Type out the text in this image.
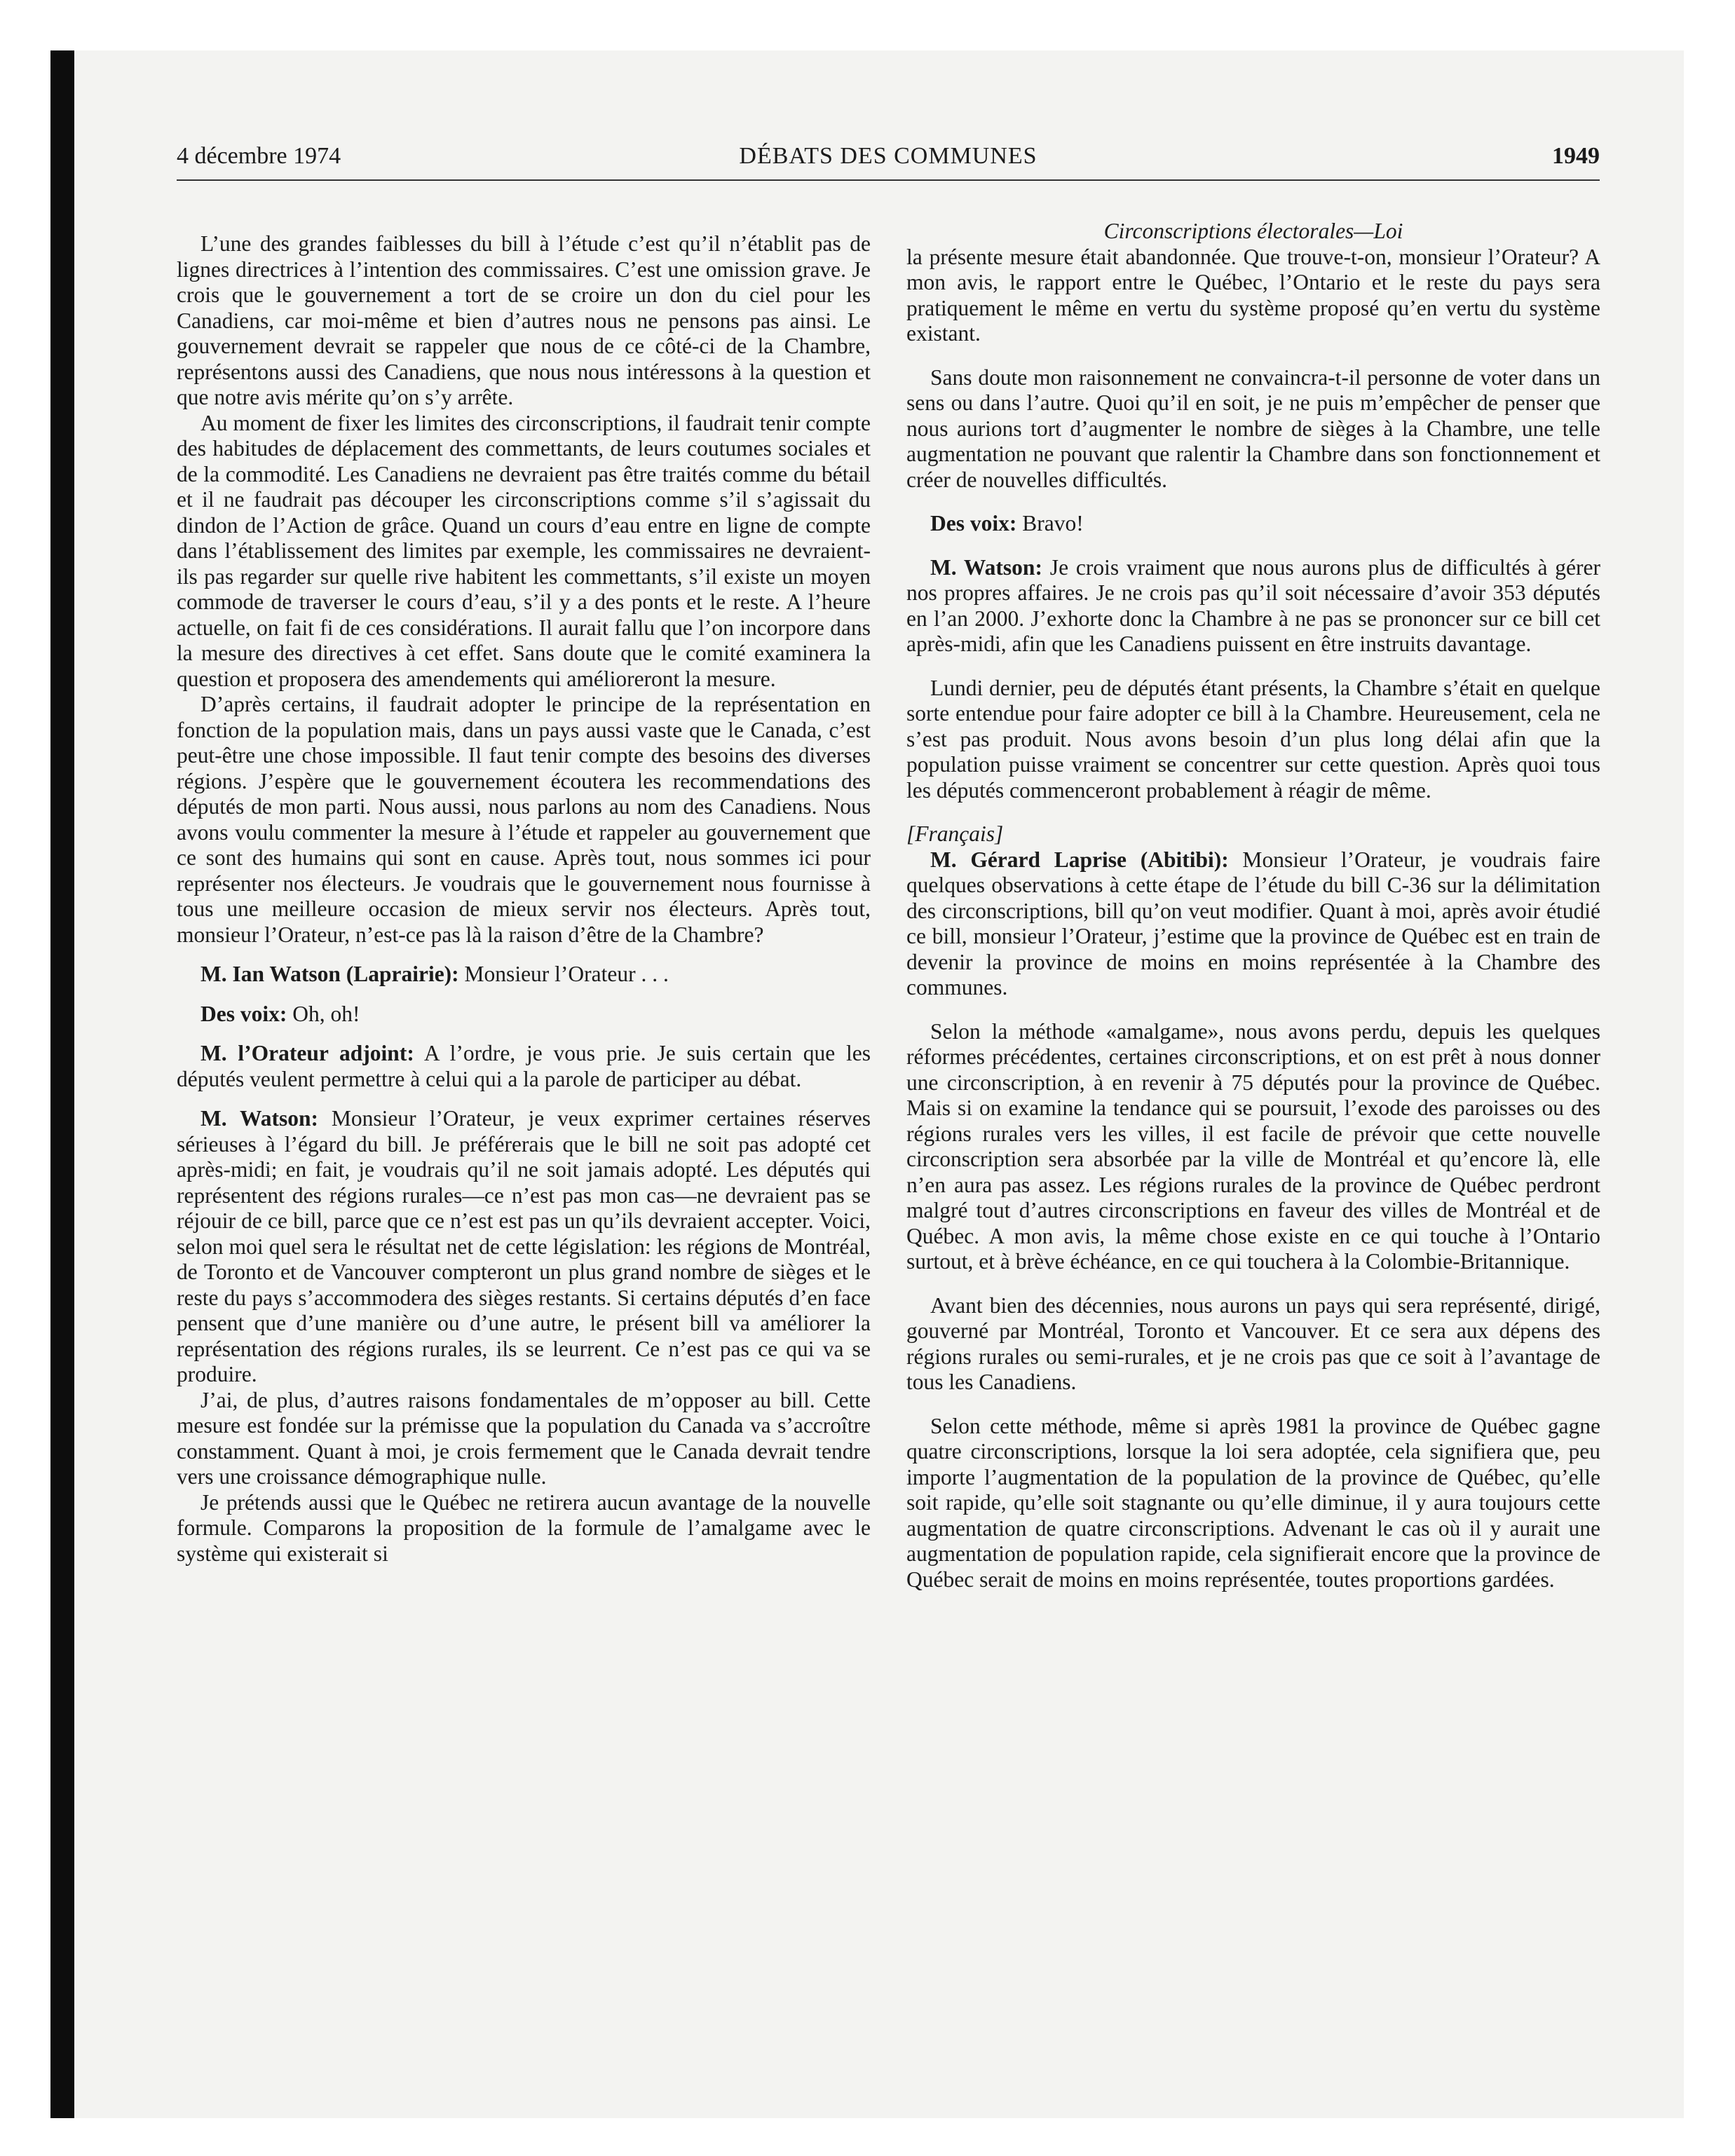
4 décembre 1974	DÉBATS DES COMMUNES	1949

L’une des grandes faiblesses du bill à l’étude c’est qu’il n’établit pas de lignes directrices à l’intention des commissaires. C’est une omission grave. Je crois que le gouvernement a tort de se croire un don du ciel pour les Canadiens, car moi-même et bien d’autres nous ne pensons pas ainsi. Le gouvernement devrait se rappeler que nous de ce côté-ci de la Chambre, représentons aussi des Canadiens, que nous nous intéressons à la question et que notre avis mérite qu’on s’y arrête.

Au moment de fixer les limites des circonscriptions, il faudrait tenir compte des habitudes de déplacement des commettants, de leurs coutumes sociales et de la commodité. Les Canadiens ne devraient pas être traités comme du bétail et il ne faudrait pas découper les circonscriptions comme s’il s’agissait du dindon de l’Action de grâce. Quand un cours d’eau entre en ligne de compte dans l’établissement des limites par exemple, les commissaires ne devraient-ils pas regarder sur quelle rive habitent les commettants, s’il existe un moyen commode de traverser le cours d’eau, s’il y a des ponts et le reste. A l’heure actuelle, on fait fi de ces considérations. Il aurait fallu que l’on incorpore dans la mesure des directives à cet effet. Sans doute que le comité examinera la question et proposera des amendements qui amélioreront la mesure.

D’après certains, il faudrait adopter le principe de la représentation en fonction de la population mais, dans un pays aussi vaste que le Canada, c’est peut-être une chose impossible. Il faut tenir compte des besoins des diverses régions. J’espère que le gouvernement écoutera les recommendations des députés de mon parti. Nous aussi, nous parlons au nom des Canadiens. Nous avons voulu commenter la mesure à l’étude et rappeler au gouvernement que ce sont des humains qui sont en cause. Après tout, nous sommes ici pour représenter nos électeurs. Je voudrais que le gouvernement nous fournisse à tous une meilleure occasion de mieux servir nos électeurs. Après tout, monsieur l’Orateur, n’est-ce pas là la raison d’être de la Chambre?

M. Ian Watson (Laprairie): Monsieur l’Orateur . . .

Des voix: Oh, oh!

M. l’Orateur adjoint: A l’ordre, je vous prie. Je suis certain que les députés veulent permettre à celui qui a la parole de participer au débat.

M. Watson: Monsieur l’Orateur, je veux exprimer certaines réserves sérieuses à l’égard du bill. Je préférerais que le bill ne soit pas adopté cet après-midi; en fait, je voudrais qu’il ne soit jamais adopté. Les députés qui représentent des régions rurales—ce n’est pas mon cas—ne devraient pas se réjouir de ce bill, parce que ce n’est est pas un qu’ils devraient accepter. Voici, selon moi quel sera le résultat net de cette législation: les régions de Montréal, de Toronto et de Vancouver compteront un plus grand nombre de sièges et le reste du pays s’accommodera des sièges restants. Si certains députés d’en face pensent que d’une manière ou d’une autre, le présent bill va améliorer la représentation des régions rurales, ils se leurrent. Ce n’est pas ce qui va se produire.

J’ai, de plus, d’autres raisons fondamentales de m’opposer au bill. Cette mesure est fondée sur la prémisse que la population du Canada va s’accroître constamment. Quant à moi, je crois fermement que le Canada devrait tendre vers une croissance démographique nulle.

Je prétends aussi que le Québec ne retirera aucun avantage de la nouvelle formule. Comparons la proposition de la formule de l’amalgame avec le système qui existerait si

Circonscriptions électorales—Loi

la présente mesure était abandonnée. Que trouve-t-on, monsieur l’Orateur? A mon avis, le rapport entre le Québec, l’Ontario et le reste du pays sera pratiquement le même en vertu du système proposé qu’en vertu du système existant.

Sans doute mon raisonnement ne convaincra-t-il personne de voter dans un sens ou dans l’autre. Quoi qu’il en soit, je ne puis m’empêcher de penser que nous aurions tort d’augmenter le nombre de sièges à la Chambre, une telle augmentation ne pouvant que ralentir la Chambre dans son fonctionnement et créer de nouvelles difficultés.

Des voix: Bravo!

M. Watson: Je crois vraiment que nous aurons plus de difficultés à gérer nos propres affaires. Je ne crois pas qu’il soit nécessaire d’avoir 353 députés en l’an 2000. J’exhorte donc la Chambre à ne pas se prononcer sur ce bill cet après-midi, afin que les Canadiens puissent en être instruits davantage.

Lundi dernier, peu de députés étant présents, la Chambre s’était en quelque sorte entendue pour faire adopter ce bill à la Chambre. Heureusement, cela ne s’est pas produit. Nous avons besoin d’un plus long délai afin que la population puisse vraiment se concentrer sur cette question. Après quoi tous les députés commenceront probablement à réagir de même.

[Français]

M. Gérard Laprise (Abitibi): Monsieur l’Orateur, je voudrais faire quelques observations à cette étape de l’étude du bill C-36 sur la délimitation des circonscriptions, bill qu’on veut modifier. Quant à moi, après avoir étudié ce bill, monsieur l’Orateur, j’estime que la province de Québec est en train de devenir la province de moins en moins représentée à la Chambre des communes.

Selon la méthode «amalgame», nous avons perdu, depuis les quelques réformes précédentes, certaines circonscriptions, et on est prêt à nous donner une circonscription, à en revenir à 75 députés pour la province de Québec. Mais si on examine la tendance qui se poursuit, l’exode des paroisses ou des régions rurales vers les villes, il est facile de prévoir que cette nouvelle circonscription sera absorbée par la ville de Montréal et qu’encore là, elle n’en aura pas assez. Les régions rurales de la province de Québec perdront malgré tout d’autres circonscriptions en faveur des villes de Montréal et de Québec. A mon avis, la même chose existe en ce qui touche à l’Ontario surtout, et à brève échéance, en ce qui touchera à la Colombie-Britannique.

Avant bien des décennies, nous aurons un pays qui sera représenté, dirigé, gouverné par Montréal, Toronto et Vancouver. Et ce sera aux dépens des régions rurales ou semi-rurales, et je ne crois pas que ce soit à l’avantage de tous les Canadiens.

Selon cette méthode, même si après 1981 la province de Québec gagne quatre circonscriptions, lorsque la loi sera adoptée, cela signifiera que, peu importe l’augmentation de la population de la province de Québec, qu’elle soit rapide, qu’elle soit stagnante ou qu’elle diminue, il y aura toujours cette augmentation de quatre circonscriptions. Advenant le cas où il y aurait une augmentation de population rapide, cela signifierait encore que la province de Québec serait de moins en moins représentée, toutes proportions gardées.
